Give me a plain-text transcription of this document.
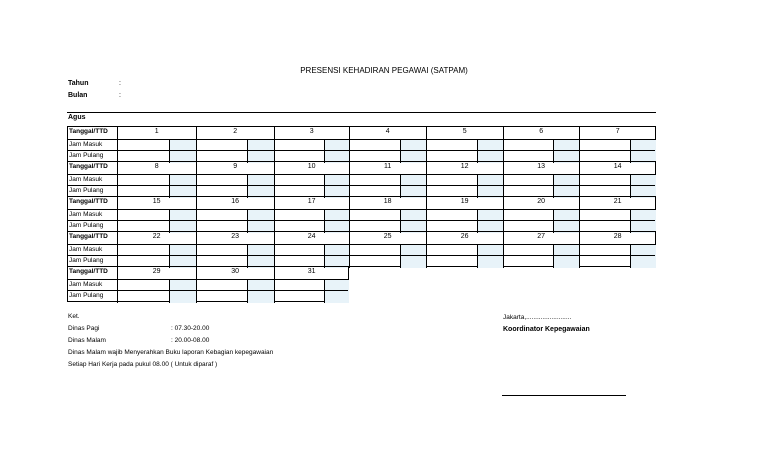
PRESENSI KEHADIRAN PEGAWAI (SATPAM)
Tahun	:
Bulan	:
Agus
Tanggal/TTD	1	2	3	4	5	6	7
Jam Masuk
Jam Pulang
Tanggal/TTD	8	9	10	11	12	13	14
Jam Masuk
Jam Pulang
Tanggal/TTD	15	16	17	18	19	20	21
Jam Masuk
Jam Pulang
Tanggal/TTD	22	23	24	25	26	27	28
Jam Masuk
Jam Pulang
Tanggal/TTD	29	30	31
Jam Masuk
Jam Pulang
Ket.
Dinas Pagi	: 07.30-20.00
Dinas Malam	: 20.00-08.00
Dinas Malam wajib Menyerahkan Buku laporan Kebagian kepegawaian
Setiap Hari Kerja pada pukul 08.00 ( Untuk diparaf )
Jakarta,.........................
Koordinator Kepegawaian
